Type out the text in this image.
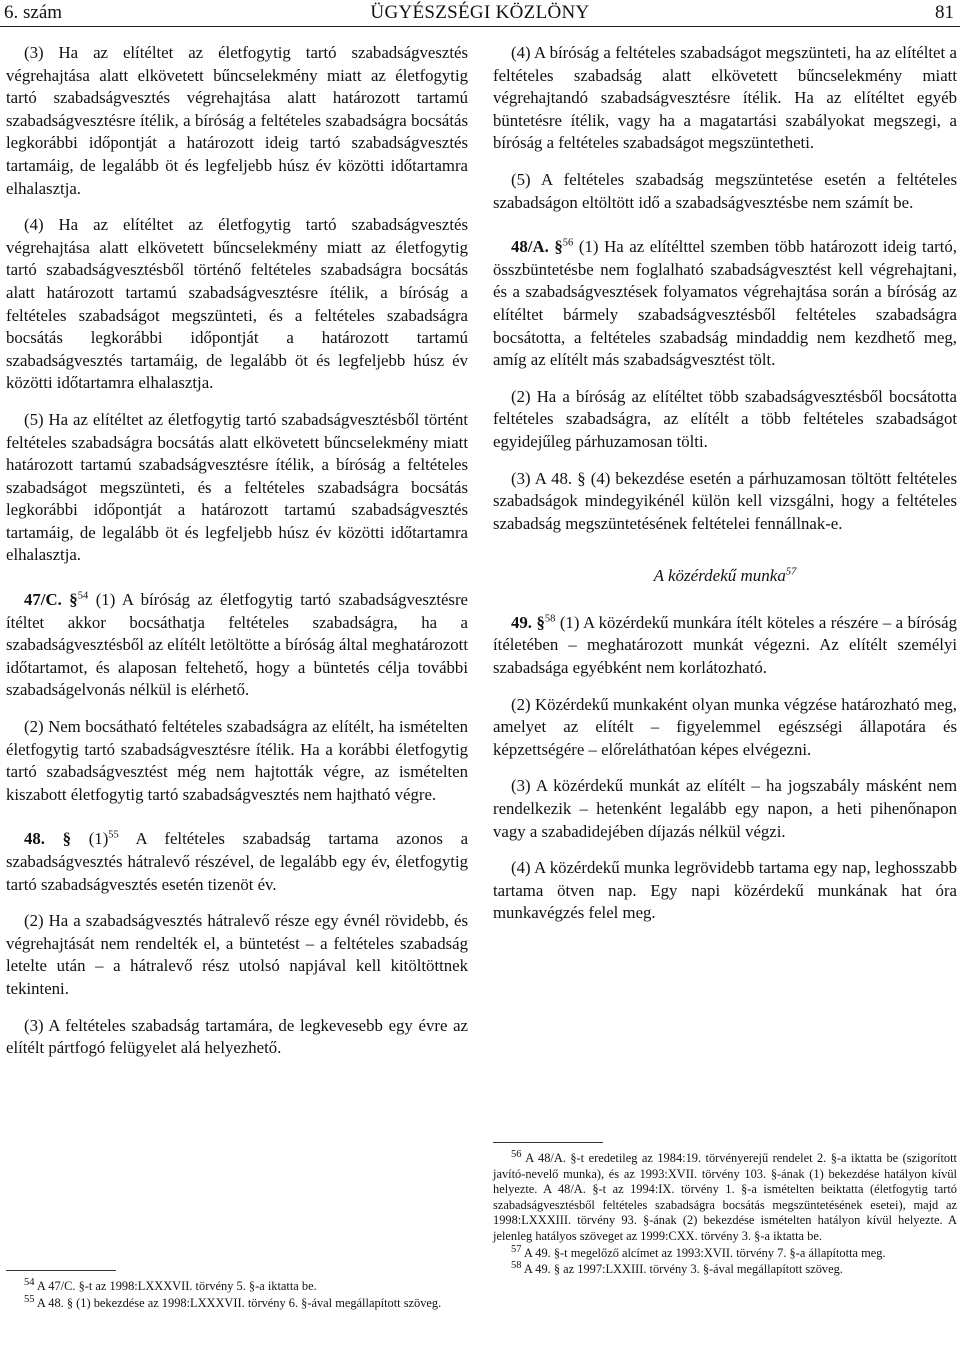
6. szám	ÜGYÉSZSÉGI KÖZLÖNY	81

(3) Ha az elítéltet az életfogytig tartó szabadságvesztés végrehajtása alatt elkövetett bűncselekmény miatt az életfogytig tartó szabadságvesztés végrehajtása alatt határozott tartamú szabadságvesztésre ítélik, a bíróság a feltételes szabadságra bocsátás legkorábbi időpontját a határozott ideig tartó szabadságvesztés tartamáig, de legalább öt és legfeljebb húsz év közötti időtartamra elhalasztja.

(4) Ha az elítéltet az életfogytig tartó szabadságvesztés végrehajtása alatt elkövetett bűncselekmény miatt az életfogytig tartó szabadságvesztésből történő feltételes szabadságra bocsátás alatt határozott tartamú szabadságvesztésre ítélik, a bíróság a feltételes szabadságot megszünteti, és a feltételes szabadságra bocsátás legkorábbi időpontját a határozott tartamú szabadságvesztés tartamáig, de legalább öt és legfeljebb húsz év közötti időtartamra elhalasztja.

(5) Ha az elítéltet az életfogytig tartó szabadságvesztésből történt feltételes szabadságra bocsátás alatt elkövetett bűncselekmény miatt határozott tartamú szabadságvesztésre ítélik, a bíróság a feltételes szabadságot megszünteti, és a feltételes szabadságra bocsátás legkorábbi időpontját a határozott tartamú szabadságvesztés tartamáig, de legalább öt és legfeljebb húsz év közötti időtartamra elhalasztja.

47/C. §$^{54}$ (1) A bíróság az életfogytig tartó szabadságvesztésre ítéltet akkor bocsáthatja feltételes szabadságra, ha a szabadságvesztésből az elítélt letöltötte a bíróság által meghatározott időtartamot, és alaposan feltehető, hogy a büntetés célja további szabadságelvonás nélkül is elérhető.

(2) Nem bocsátható feltételes szabadságra az elítélt, ha ismételten életfogytig tartó szabadságvesztésre ítélik. Ha a korábbi életfogytig tartó szabadságvesztést még nem hajtották végre, az ismételten kiszabott életfogytig tartó szabadságvesztés nem hajtható végre.

48. § $(1)^{55}$ A feltételes szabadság tartama azonos a szabadságvesztés hátralevő részével, de legalább egy év, életfogytig tartó szabadságvesztés esetén tizenöt év.

(2) Ha a szabadságvesztés hátralevő része egy évnél rövidebb, és végrehajtását nem rendelték el, a büntetést – a feltételes szabadság letelte után – a hátralevő rész utolsó napjával kell kitöltöttnek tekinteni.

(3) A feltételes szabadság tartamára, de legkevesebb egy évre az elítélt pártfogó felügyelet alá helyezhető.

(4) A bíróság a feltételes szabadságot megszünteti, ha az elítéltet a feltételes szabadság alatt elkövetett bűncselekmény miatt végrehajtandó szabadságvesztésre ítélik. Ha az elítéltet egyéb büntetésre ítélik, vagy ha a magatartási szabályokat megszegi, a bíróság a feltételes szabadságot megszüntetheti.

(5) A feltételes szabadság megszüntetése esetén a feltételes szabadságon eltöltött idő a szabadságvesztésbe nem számít be.

48/A. §$^{56}$ (1) Ha az elítélttel szemben több határozott ideig tartó, összbüntetésbe nem foglalható szabadságvesztést kell végrehajtani, és a szabadságvesztések folyamatos végrehajtása során a bíróság az elítéltet bármely szabadságvesztésből feltételes szabadságra bocsátotta, a feltételes szabadság mindaddig nem kezdhető meg, amíg az elítélt más szabadságvesztést tölt.

(2) Ha a bíróság az elítéltet több szabadságvesztésből bocsátotta feltételes szabadságra, az elítélt a több feltételes szabadságot egyidejűleg párhuzamosan tölti.

(3) A 48. § (4) bekezdése esetén a párhuzamosan töltött feltételes szabadságok mindegyikénél külön kell vizsgálni, hogy a feltételes szabadság megszüntetésének feltételei fennállnak-e.

A közérdekű munka$^{57}$

49. §$^{58}$ (1) A közérdekű munkára ítélt köteles a részére – a bíróság ítéletében – meghatározott munkát végezni. Az elítélt személyi szabadsága egyébként nem korlátozható.

(2) Közérdekű munkaként olyan munka végzése határozható meg, amelyet az elítélt – figyelemmel egészségi állapotára és képzettségére – előreláthatóan képes elvégezni.

(3) A közérdekű munkát az elítélt – ha jogszabály másként nem rendelkezik – hetenként legalább egy napon, a heti pihenőnapon vagy a szabadidejében díjazás nélkül végzi.

(4) A közérdekű munka legrövidebb tartama egy nap, leghosszabb tartama ötven nap. Egy napi közérdekű munkának hat óra munkavégzés felel meg.

$^{54}$ A 47/C. §-t az 1998:LXXXVII. törvény 5. §-a iktatta be.
$^{55}$ A 48. § (1) bekezdése az 1998:LXXXVII. törvény 6. §-ával megállapított szöveg.
$^{56}$ A 48/A. §-t eredetileg az 1984:19. törvényerejű rendelet 2. §-a iktatta be (szigorított javító-nevelő munka), és az 1993:XVII. törvény 103. §-ának (1) bekezdése hatályon kívül helyezte. A 48/A. §-t az 1994:IX. törvény 1. §-a ismételten beiktatta (életfogytig tartó szabadságvesztésből feltételes szabadságra bocsátás megszüntetésének esetei), majd az 1998:LXXXIII. törvény 93. §-ának (2) bekezdése ismételten hatályon kívül helyezte. A jelenleg hatályos szöveget az 1999:CXX. törvény 3. §-a iktatta be.
$^{57}$ A 49. §-t megelőző alcímet az 1993:XVII. törvény 7. §-a állapította meg.
$^{58}$ A 49. § az 1997:LXXIII. törvény 3. §-ával megállapított szöveg.
